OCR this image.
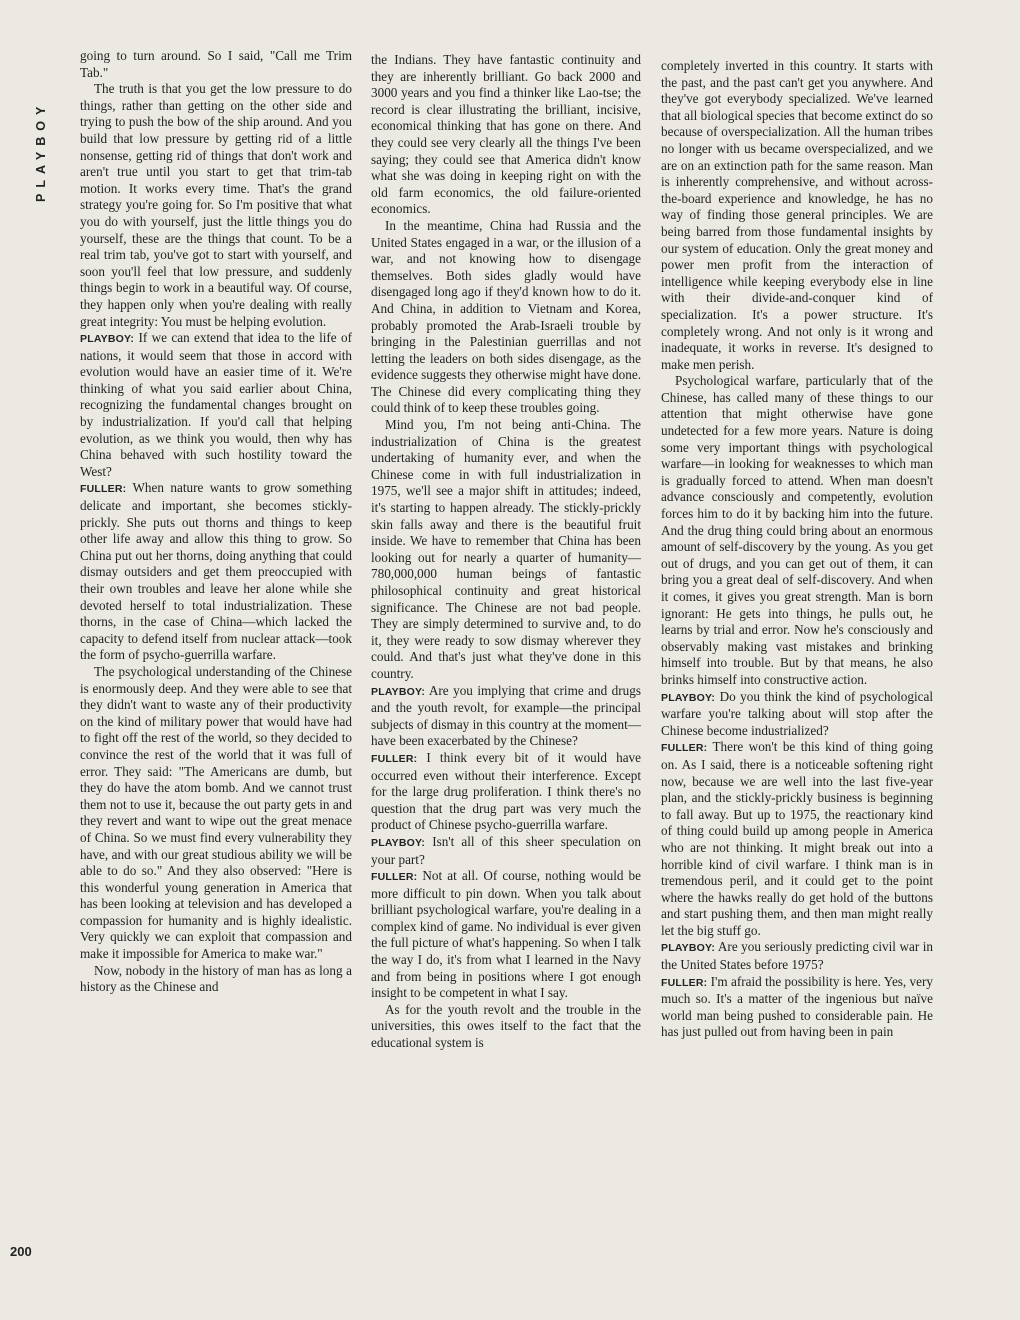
PLAYBOY
200

going to turn around. So I said, "Call me Trim Tab."

The truth is that you get the low pressure to do things, rather than getting on the other side and trying to push the bow of the ship around. And you build that low pressure by getting rid of a little nonsense, getting rid of things that don't work and aren't true until you start to get that trim-tab motion. It works every time. That's the grand strategy you're going for. So I'm positive that what you do with yourself, just the little things you do yourself, these are the things that count. To be a real trim tab, you've got to start with yourself, and soon you'll feel that low pressure, and suddenly things begin to work in a beautiful way. Of course, they happen only when you're dealing with really great integrity: You must be helping evolution.

PLAYBOY: If we can extend that idea to the life of nations, it would seem that those in accord with evolution would have an easier time of it. We're thinking of what you said earlier about China, recognizing the fundamental changes brought on by industrialization. If you'd call that helping evolution, as we think you would, then why has China behaved with such hostility toward the West?

FULLER: When nature wants to grow something delicate and important, she becomes stickly-prickly. She puts out thorns and things to keep other life away and allow this thing to grow. So China put out her thorns, doing anything that could dismay outsiders and get them preoccupied with their own troubles and leave her alone while she devoted herself to total industrialization. These thorns, in the case of China—which lacked the capacity to defend itself from nuclear attack—took the form of psycho-guerrilla warfare.

The psychological understanding of the Chinese is enormously deep. And they were able to see that they didn't want to waste any of their productivity on the kind of military power that would have had to fight off the rest of the world, so they decided to convince the rest of the world that it was full of error. They said: "The Americans are dumb, but they do have the atom bomb. And we cannot trust them not to use it, because the out party gets in and they revert and want to wipe out the great menace of China. So we must find every vulnerability they have, and with our great studious ability we will be able to do so." And they also observed: "Here is this wonderful young generation in America that has been looking at television and has developed a compassion for humanity and is highly idealistic. Very quickly we can exploit that compassion and make it impossible for America to make war."

Now, nobody in the history of man has as long a history as the Chinese and

the Indians. They have fantastic continuity and they are inherently brilliant. Go back 2000 and 3000 years and you find a thinker like Lao-tse; the record is clear illustrating the brilliant, incisive, economical thinking that has gone on there. And they could see very clearly all the things I've been saying; they could see that America didn't know what she was doing in keeping right on with the old farm economics, the old failure-oriented economics.

In the meantime, China had Russia and the United States engaged in a war, or the illusion of a war, and not knowing how to disengage themselves. Both sides gladly would have disengaged long ago if they'd known how to do it. And China, in addition to Vietnam and Korea, probably promoted the Arab-Israeli trouble by bringing in the Palestinian guerrillas and not letting the leaders on both sides disengage, as the evidence suggests they otherwise might have done. The Chinese did every complicating thing they could think of to keep these troubles going.

Mind you, I'm not being anti-China. The industrialization of China is the greatest undertaking of humanity ever, and when the Chinese come in with full industrialization in 1975, we'll see a major shift in attitudes; indeed, it's starting to happen already. The stickly-prickly skin falls away and there is the beautiful fruit inside. We have to remember that China has been looking out for nearly a quarter of humanity—780,000,000 human beings of fantastic philosophical continuity and great historical significance. The Chinese are not bad people. They are simply determined to survive and, to do it, they were ready to sow dismay wherever they could. And that's just what they've done in this country.

PLAYBOY: Are you implying that crime and drugs and the youth revolt, for example—the principal subjects of dismay in this country at the moment—have been exacerbated by the Chinese?

FULLER: I think every bit of it would have occurred even without their interference. Except for the large drug proliferation. I think there's no question that the drug part was very much the product of Chinese psycho-guerrilla warfare.

PLAYBOY: Isn't all of this sheer speculation on your part?

FULLER: Not at all. Of course, nothing would be more difficult to pin down. When you talk about brilliant psychological warfare, you're dealing in a complex kind of game. No individual is ever given the full picture of what's happening. So when I talk the way I do, it's from what I learned in the Navy and from being in positions where I got enough insight to be competent in what I say.

As for the youth revolt and the trouble in the universities, this owes itself to the fact that the educational system is

completely inverted in this country. It starts with the past, and the past can't get you anywhere. And they've got everybody specialized. We've learned that all biological species that become extinct do so because of overspecialization. All the human tribes no longer with us became overspecialized, and we are on an extinction path for the same reason. Man is inherently comprehensive, and without across-the-board experience and knowledge, he has no way of finding those general principles. We are being barred from those fundamental insights by our system of education. Only the great money and power men profit from the interaction of intelligence while keeping everybody else in line with their divide-and-conquer kind of specialization. It's a power structure. It's completely wrong. And not only is it wrong and inadequate, it works in reverse. It's designed to make men perish.

Psychological warfare, particularly that of the Chinese, has called many of these things to our attention that might otherwise have gone undetected for a few more years. Nature is doing some very important things with psychological warfare—in looking for weaknesses to which man is gradually forced to attend. When man doesn't advance consciously and competently, evolution forces him to do it by backing him into the future. And the drug thing could bring about an enormous amount of self-discovery by the young. As you get out of drugs, and you can get out of them, it can bring you a great deal of self-discovery. And when it comes, it gives you great strength. Man is born ignorant: He gets into things, he pulls out, he learns by trial and error. Now he's consciously and observably making vast mistakes and brinking himself into trouble. But by that means, he also brinks himself into constructive action.

PLAYBOY: Do you think the kind of psychological warfare you're talking about will stop after the Chinese become industrialized?

FULLER: There won't be this kind of thing going on. As I said, there is a noticeable softening right now, because we are well into the last five-year plan, and the stickly-prickly business is beginning to fall away. But up to 1975, the reactionary kind of thing could build up among people in America who are not thinking. It might break out into a horrible kind of civil warfare. I think man is in tremendous peril, and it could get to the point where the hawks really do get hold of the buttons and start pushing them, and then man might really let the big stuff go.

PLAYBOY: Are you seriously predicting civil war in the United States before 1975?

FULLER: I'm afraid the possibility is here. Yes, very much so. It's a matter of the ingenious but naïve world man being pushed to considerable pain. He has just pulled out from having been in pain
